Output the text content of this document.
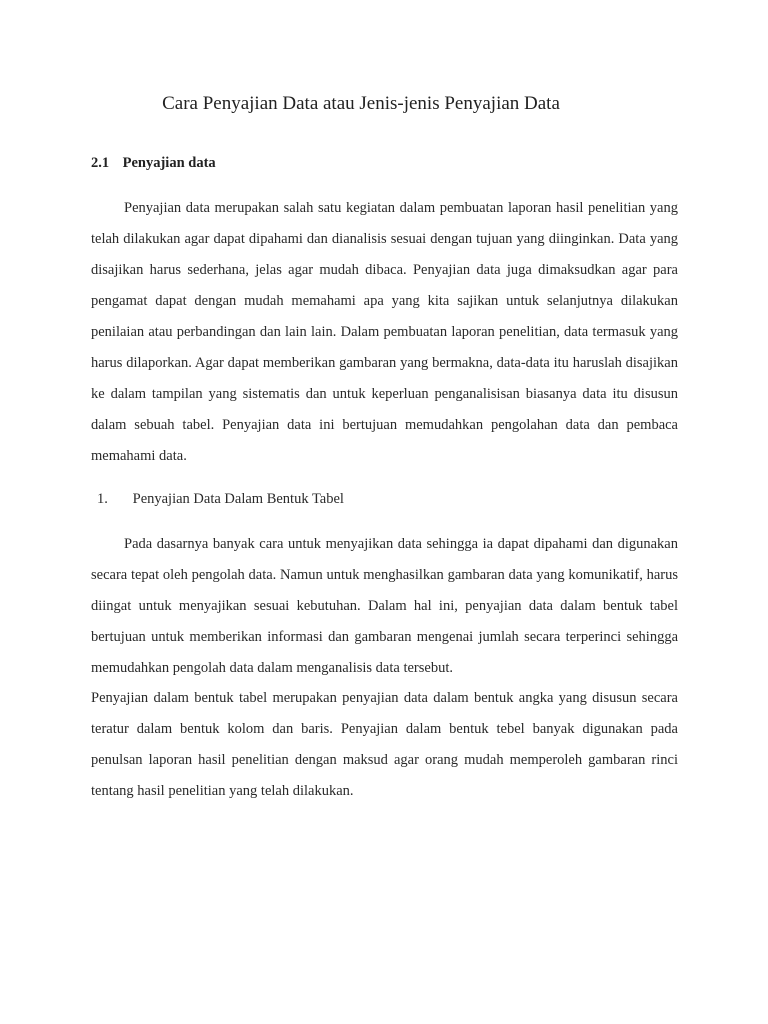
Cara Penyajian Data atau Jenis-jenis Penyajian Data
2.1 Penyajian data

Penyajian data merupakan salah satu kegiatan dalam pembuatan laporan hasil penelitian yang telah dilakukan agar dapat dipahami dan dianalisis sesuai dengan tujuan yang diinginkan. Data yang disajikan harus sederhana, jelas agar mudah dibaca. Penyajian data juga dimaksudkan agar para pengamat dapat dengan mudah memahami apa yang kita sajikan untuk selanjutnya dilakukan penilaian atau perbandingan dan lain lain. Dalam pembuatan laporan penelitian, data termasuk yang harus dilaporkan. Agar dapat memberikan gambaran yang bermakna, data-data itu haruslah disajikan ke dalam tampilan yang sistematis dan untuk keperluan penganalisisan biasanya data itu disusun dalam sebuah tabel. Penyajian data ini bertujuan memudahkan pengolahan data dan pembaca memahami data.

1. Penyajian Data Dalam Bentuk Tabel

Pada dasarnya banyak cara untuk menyajikan data sehingga ia dapat dipahami dan digunakan secara tepat oleh pengolah data. Namun untuk menghasilkan gambaran data yang komunikatif, harus diingat untuk menyajikan sesuai kebutuhan. Dalam hal ini, penyajian data dalam bentuk tabel bertujuan untuk memberikan informasi dan gambaran mengenai jumlah secara terperinci sehingga memudahkan pengolah data dalam menganalisis data tersebut.

Penyajian dalam bentuk tabel merupakan penyajian data dalam bentuk angka yang disusun secara teratur dalam bentuk kolom dan baris. Penyajian dalam bentuk tebel banyak digunakan pada penulsan laporan hasil penelitian dengan maksud agar orang mudah memperoleh gambaran rinci tentang hasil penelitian yang telah dilakukan.
